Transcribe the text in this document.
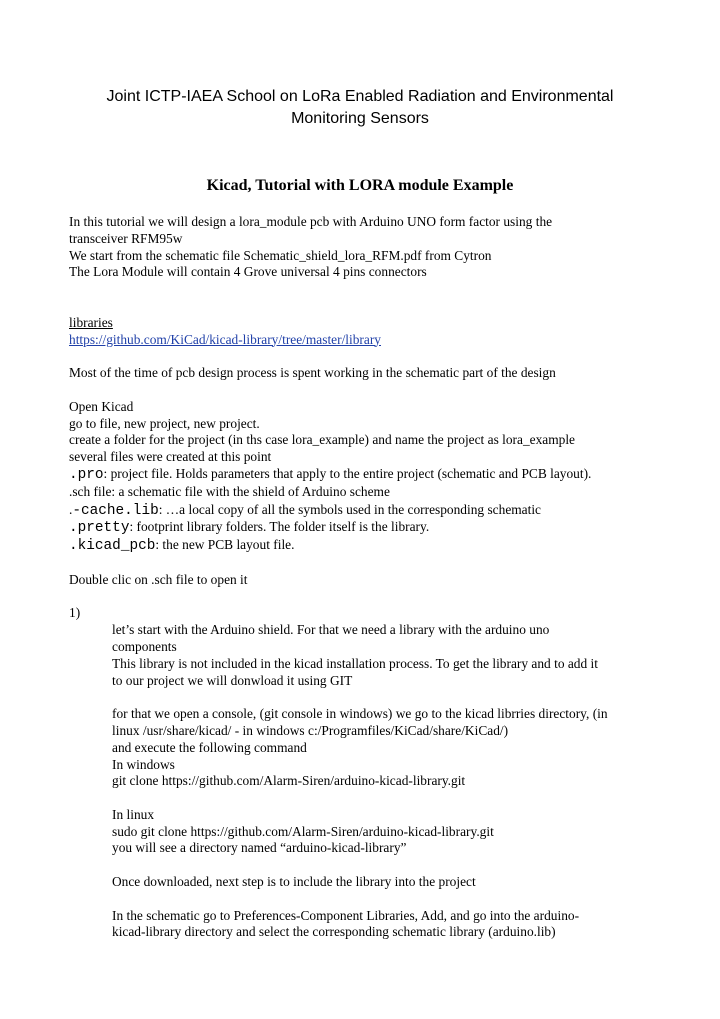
Joint ICTP-IAEA School on LoRa Enabled Radiation and Environmental
Monitoring Sensors
Kicad, Tutorial with LORA module Example

In this tutorial we will design a lora_module pcb with Arduino UNO form factor using the

transceiver RFM95w

We start from the schematic file Schematic_shield_lora_RFM.pdf from Cytron

The Lora Module will contain 4 Grove universal 4 pins connectors

libraries

https://github.com/KiCad/kicad-library/tree/master/library

Most of the time of pcb design process is spent working in the schematic part of the design

Open Kicad

go to file, new project, new project.

create a folder for the project (in ths case lora_example) and name the project as lora_example

several files were created at this point

.pro: project file. Holds parameters that apply to the entire project (schematic and PCB layout).

.sch file: a schematic file with the shield of Arduino scheme

.-cache.lib: …a local copy of all the symbols used in the corresponding schematic

.pretty: footprint library folders. The folder itself is the library.

.kicad_pcb: the new PCB layout file.

Double clic on .sch file to open it

1)

let’s start with the Arduino shield. For that we need a library with the arduino uno

components

This library is not included in the kicad installation process. To get the library and to add it

to our project we will donwload it using GIT

for that we open a console, (git console in windows) we go to the kicad librries directory, (in

linux /usr/share/kicad/ - in windows c:/Programfiles/KiCad/share/KiCad/)

and execute the following command

In windows

git clone https://github.com/Alarm-Siren/arduino-kicad-library.git

In linux

sudo git clone https://github.com/Alarm-Siren/arduino-kicad-library.git

you will see a directory named “arduino-kicad-library”

Once downloaded, next step is to include the library into the project

In the schematic go to Preferences-Component Libraries, Add, and go into the arduino-

kicad-library directory and select the corresponding schematic library (arduino.lib)
